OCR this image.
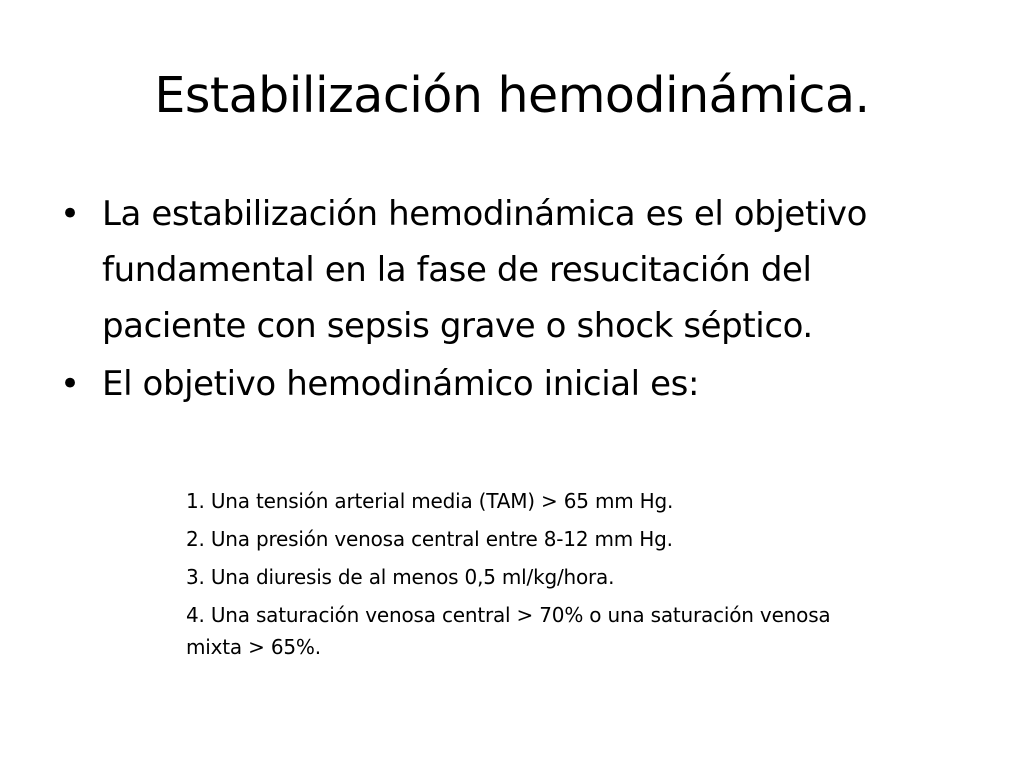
Estabilización hemodinámica.
• La estabilización hemodinámica es el objetivo
fundamental en la fase de resucitación del
paciente con sepsis grave o shock séptico.
• El objetivo hemodinámico inicial es:
1. Una tensión arterial media (TAM) > 65 mm Hg.
2. Una presión venosa central entre 8-12 mm Hg.
3. Una diuresis de al menos 0,5 ml/kg/hora.
4. Una saturación venosa central > 70% o una saturación venosa
mixta > 65%.
